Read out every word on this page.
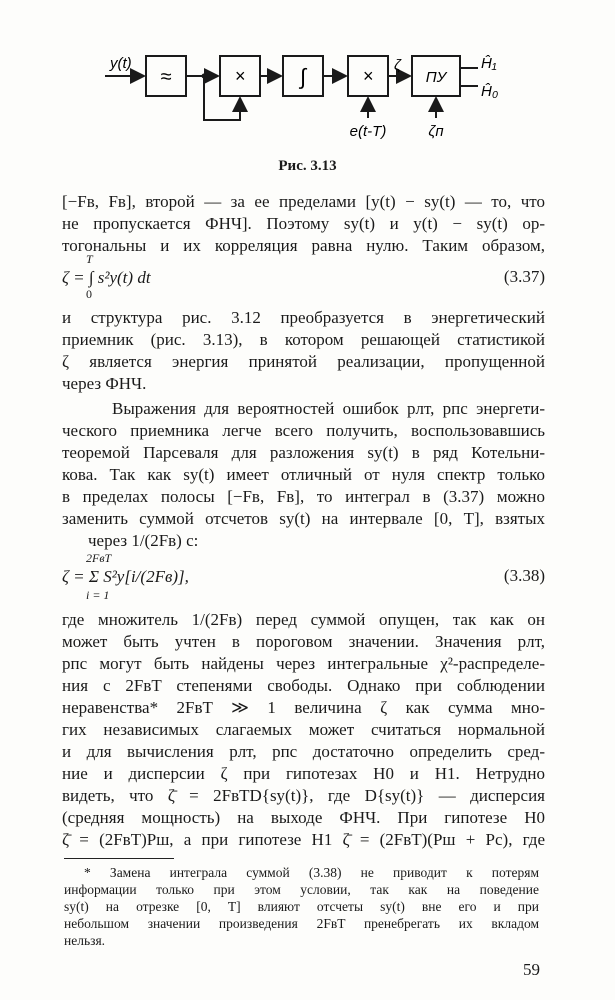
y(t)
≈	× ∫	×
ζ
ПУ
Ĥ₁
Ĥ₀
e(t-T)	ζп
Рис. 3.13
[−Fв, Fв], второй — за ее пределами [y(t) − sy(t) — то, что
не пропускается ФНЧ]. Поэтому sy(t) и y(t) − sy(t) ор-
тогональны и их корреляция равна нулю. Таким образом,
T
ζ = ∫ s²y(t) dt
0
(3.37)
и структура рис. 3.12 преобразуется в энергетический
приемник (рис. 3.13), в котором решающей статистикой
ζ является энергия принятой реализации, пропущенной
через ФНЧ.
Выражения для вероятностей ошибок pлт, pпс энергети-
ческого приемника легче всего получить, воспользовавшись
теоремой Парсеваля для разложения sy(t) в ряд Котельни-
кова. Так как sy(t) имеет отличный от нуля спектр только
в пределах полосы [−Fв, Fв], то интеграл в (3.37) можно
заменить суммой отсчетов sy(t) на интервале [0, T], взятых
через 1/(2Fв) с:
2FвT
ζ = Σ S²y[i/(2Fв)],
i = 1
(3.38)
где множитель 1/(2Fв) перед суммой опущен, так как он
может быть учтен в пороговом значении. Значения pлт,
pпс могут быть найдены через интегральные χ²-распределе-
ния с 2FвT степенями свободы. Однако при соблюдении
неравенства* 2FвT ≫ 1 величина ζ как сумма мно-
гих независимых слагаемых может считаться нормальной
и для вычисления pлт, pпс достаточно определить сред-
ние и дисперсии ζ при гипотезах H0 и H1. Нетрудно
видеть, что ζ̄ = 2FвTD{sy(t)}, где D{sy(t)} — дисперсия
(средняя мощность) на выходе ФНЧ. При гипотезе H0
ζ̄ = (2FвT)Pш, а при гипотезе H1 ζ̄ = (2FвT)(Pш + Pс), где
* Замена интеграла суммой (3.38) не приводит к потерям
информации только при этом условии, так как на поведение
sy(t) на отрезке [0, T] влияют отсчеты sy(t) вне его и при
небольшом значении произведения 2FвT пренебрегать их вкладом
нельзя.
59
